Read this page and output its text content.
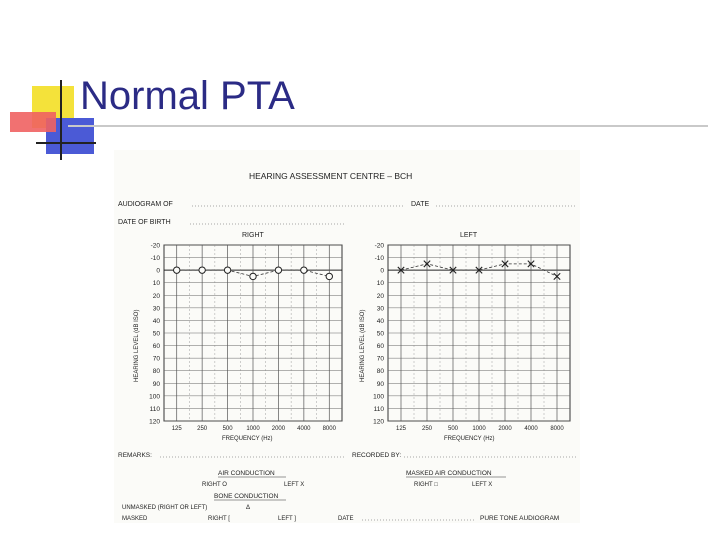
Normal PTA
HEARING ASSESSMENT CENTRE – BCH
AUDIOGRAM OF	DATE
DATE OF BIRTH
RIGHT	LEFT
-20
-10
0
10
20
30
40
50
60
70
80
90
100
110
120
125	250	500 1000 2000 4000 8000
-20
-10
0
10
20
30
40
50
60
70
80
90
100
110
120
125	250	500 1000 2000 4000 8000
HEARING LEVEL (dB ISO)	HEARING LEVEL (dB ISO)
FREQUENCY (Hz)	FREQUENCY (Hz)
REMARKS:	RECORDED BY:
AIR CONDUCTION
RIGHT O	LEFT X
MASKED AIR CONDUCTION
RIGHT □	LEFT X
BONE CONDUCTION
UNMASKED (RIGHT OR LEFT)	Δ
MASKED	RIGHT [	LEFT ]	DATE	PURE TONE AUDIOGRAM
